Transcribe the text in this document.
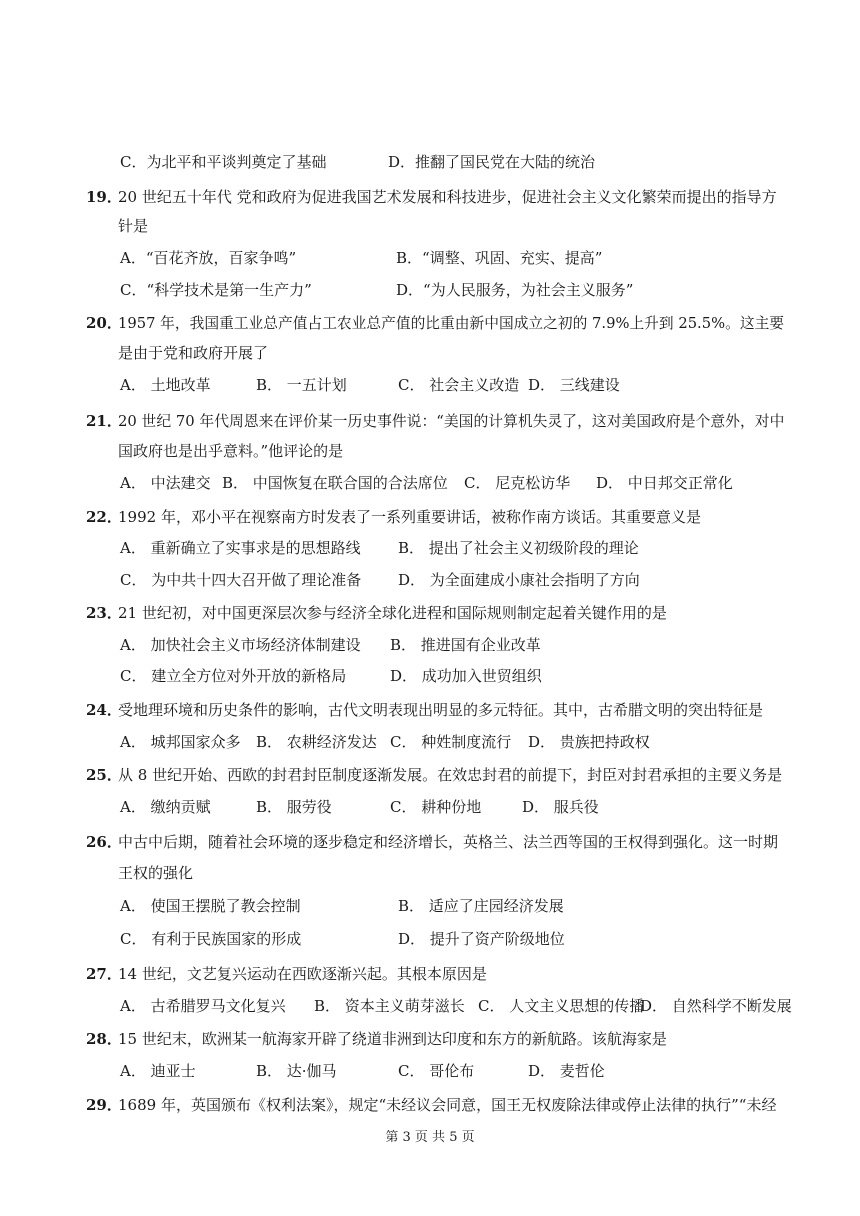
C．为北平和平谈判奠定了基础	D．推翻了国民党在大陆的统治
19．
20 世纪五十年代 党和政府为促进我国艺术发展和科技进步，促进社会主义文化繁荣而提出的指导方
针是
A．“百花齐放，百家争鸣”	B．“调整、巩固、充实、提高”
C．“科学技术是第一生产力”	D．“为人民服务，为社会主义服务”
20．
1957 年，我国重工业总产值占工农业总产值的比重由新中国成立之初的 7.9%上升到 25.5%。这主要
是由于党和政府开展了
A． 土地改革	B． 一五计划	C． 社会主义改造 D． 三线建设
21．
20 世纪 70 年代周恩来在评价某一历史事件说：“美国的计算机失灵了，这对美国政府是个意外，对中
国政府也是出乎意料。”他评论的是
A． 中法建交 B． 中国恢复在联合国的合法席位 C． 尼克松访华 D． 中日邦交正常化
22．
1992 年，邓小平在视察南方时发表了一系列重要讲话，被称作南方谈话。其重要意义是
A． 重新确立了实事求是的思想路线 B． 提出了社会主义初级阶段的理论
C． 为中共十四大召开做了理论准备 D． 为全面建成小康社会指明了方向
23．
21 世纪初，对中国更深层次参与经济全球化进程和国际规则制定起着关键作用的是
A． 加快社会主义市场经济体制建设 B． 推进国有企业改革
C． 建立全方位对外开放的新格局	D． 成功加入世贸组织
24．
受地理环境和历史条件的影响，古代文明表现出明显的多元特征。其中，古希腊文明的突出特征是
A． 城邦国家众多 B． 农耕经济发达 C． 种姓制度流行 D． 贵族把持政权
25．
从 8 世纪开始、西欧的封君封臣制度逐渐发展。在效忠封君的前提下，封臣对封君承担的主要义务是
A． 缴纳贡赋	B． 服劳役	C． 耕种份地	D． 服兵役
26．
中古中后期，随着社会环境的逐步稳定和经济增长，英格兰、法兰西等国的王权得到强化。这一时期
王权的强化
A． 使国王摆脱了教会控制	B． 适应了庄园经济发展
C． 有利于民族国家的形成	D． 提升了资产阶级地位
27．
14 世纪，文艺复兴运动在西欧逐渐兴起。其根本原因是
A． 古希腊罗马文化复兴 B． 资本主义萌芽滋长 C． 人文主义思想的传播
D． 自然科学不断发展
28．
15 世纪末，欧洲某一航海家开辟了绕道非洲到达印度和东方的新航路。该航海家是
A． 迪亚士	B． 达·伽马	C． 哥伦布	D． 麦哲伦
29．
1689 年，英国颁布《权利法案》，规定“未经议会同意，国王无权废除法律或停止法律的执行”“未经
第 3 页 共 5 页
